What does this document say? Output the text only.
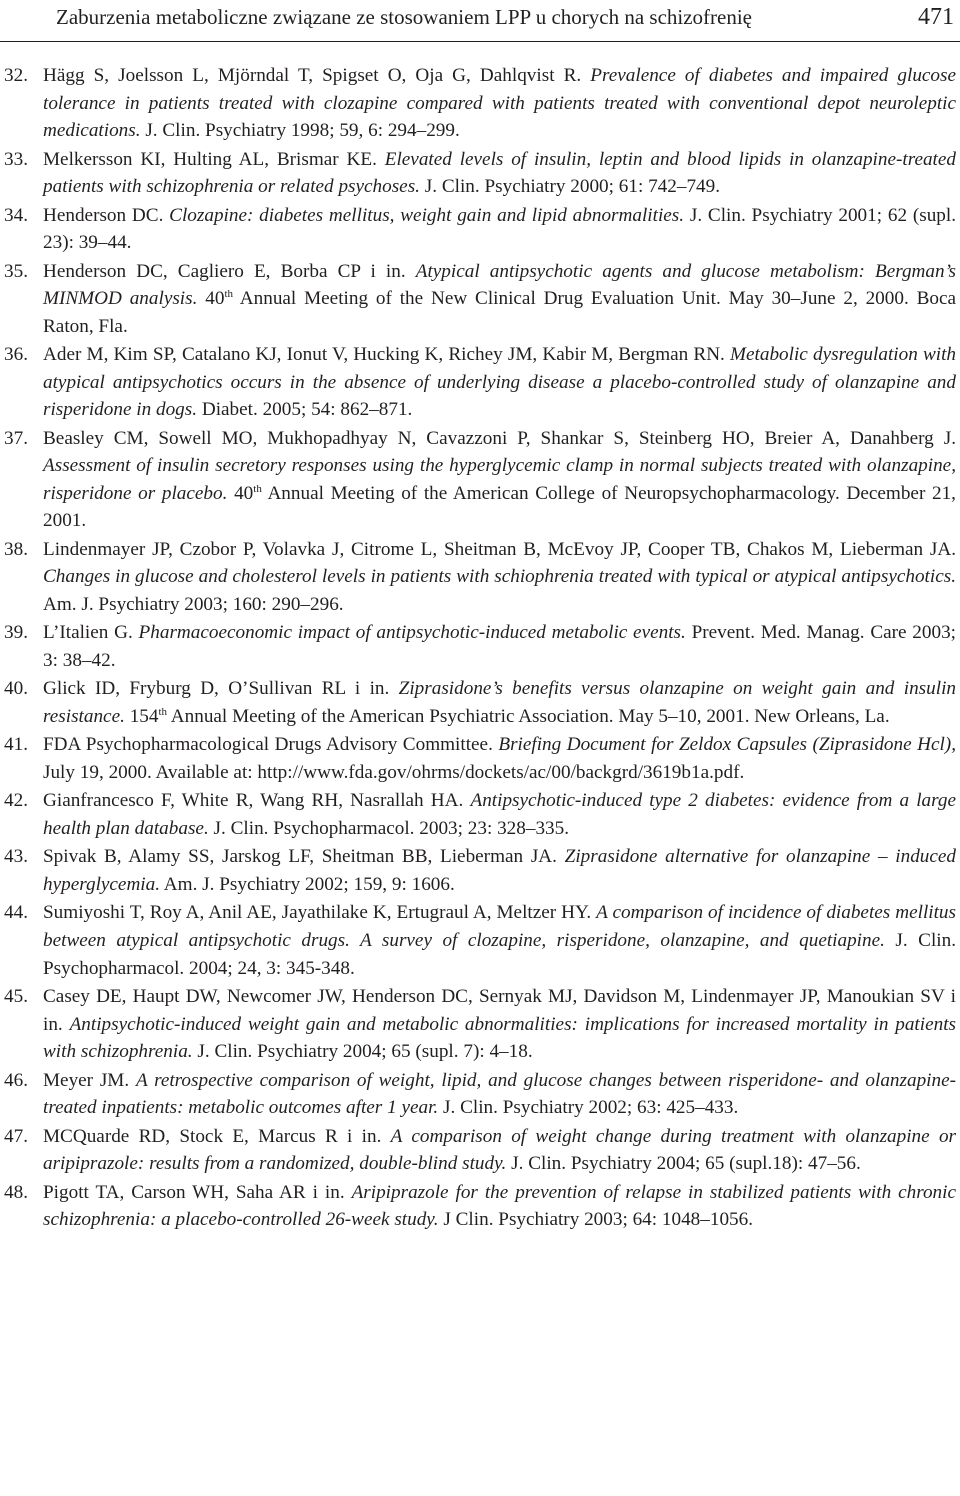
Zaburzenia metaboliczne związane ze stosowaniem LPP u chorych na schizofrenię	471
32. Hägg S, Joelsson L, Mjörndal T, Spigset O, Oja G, Dahlqvist R. Prevalence of diabetes and impaired glucose tolerance in patients treated with clozapine compared with patients treated with conventional depot neuroleptic medications. J. Clin. Psychiatry 1998; 59, 6: 294–299.
33. Melkersson KI, Hulting AL, Brismar KE. Elevated levels of insulin, leptin and blood lipids in olanzapine-treated patients with schizophrenia or related psychoses. J. Clin. Psychiatry 2000; 61: 742–749.
34. Henderson DC. Clozapine: diabetes mellitus, weight gain and lipid abnormalities. J. Clin. Psychiatry 2001; 62 (supl. 23): 39–44.
35. Henderson DC, Cagliero E, Borba CP i in. Atypical antipsychotic agents and glucose metabolism: Bergman’s MINMOD analysis. 40th Annual Meeting of the New Clinical Drug Evaluation Unit. May 30–June 2, 2000. Boca Raton, Fla.
36. Ader M, Kim SP, Catalano KJ, Ionut V, Hucking K, Richey JM, Kabir M, Bergman RN. Metabolic dysregulation with atypical antipsychotics occurs in the absence of underlying disease a placebo-controlled study of olanzapine and risperidone in dogs. Diabet. 2005; 54: 862–871.
37. Beasley CM, Sowell MO, Mukhopadhyay N, Cavazzoni P, Shankar S, Steinberg HO, Breier A, Danahberg J. Assessment of insulin secretory responses using the hyperglycemic clamp in normal subjects treated with olanzapine, risperidone or placebo. 40th Annual Meeting of the American College of Neuropsychopharmacology. December 21, 2001.
38. Lindenmayer JP, Czobor P, Volavka J, Citrome L, Sheitman B, McEvoy JP, Cooper TB, Chakos M, Lieberman JA. Changes in glucose and cholesterol levels in patients with schiophrenia treated with typical or atypical antipsychotics. Am. J. Psychiatry 2003; 160: 290–296.
39. L’Italien G. Pharmacoeconomic impact of antipsychotic-induced metabolic events. Prevent. Med. Manag. Care 2003; 3: 38–42.
40. Glick ID, Fryburg D, O’Sullivan RL i in. Ziprasidone’s benefits versus olanzapine on weight gain and insulin resistance. 154th Annual Meeting of the American Psychiatric Association. May 5–10, 2001. New Orleans, La.
41. FDA Psychopharmacological Drugs Advisory Committee. Briefing Document for Zeldox Capsules (Ziprasidone Hcl), July 19, 2000. Available at: http://www.fda.gov/ohrms/dockets/ac/00/backgrd/3619b1a.pdf.
42. Gianfrancesco F, White R, Wang RH, Nasrallah HA. Antipsychotic-induced type 2 diabetes: evidence from a large health plan database. J. Clin. Psychopharmacol. 2003; 23: 328–335.
43. Spivak B, Alamy SS, Jarskog LF, Sheitman BB, Lieberman JA. Ziprasidone alternative for olanzapine – induced hyperglycemia. Am. J. Psychiatry 2002; 159, 9: 1606.
44. Sumiyoshi T, Roy A, Anil AE, Jayathilake K, Ertugraul A, Meltzer HY. A comparison of incidence of diabetes mellitus between atypical antipsychotic drugs. A survey of clozapine, risperidone, olanzapine, and quetiapine. J. Clin. Psychopharmacol. 2004; 24, 3: 345-348.
45. Casey DE, Haupt DW, Newcomer JW, Henderson DC, Sernyak MJ, Davidson M, Lindenmayer JP, Manoukian SV i in. Antipsychotic-induced weight gain and metabolic abnormalities: implications for increased mortality in patients with schizophrenia. J. Clin. Psychiatry 2004; 65 (supl. 7): 4–18.
46. Meyer JM. A retrospective comparison of weight, lipid, and glucose changes between risperidone- and olanzapine-treated inpatients: metabolic outcomes after 1 year. J. Clin. Psychiatry 2002; 63: 425–433.
47. MCQuarde RD, Stock E, Marcus R i in. A comparison of weight change during treatment with olanzapine or aripiprazole: results from a randomized, double-blind study. J. Clin. Psychiatry 2004; 65 (supl.18): 47–56.
48. Pigott TA, Carson WH, Saha AR i in. Aripiprazole for the prevention of relapse in stabilized patients with chronic schizophrenia: a placebo-controlled 26-week study. J Clin. Psychiatry 2003; 64: 1048–1056.
